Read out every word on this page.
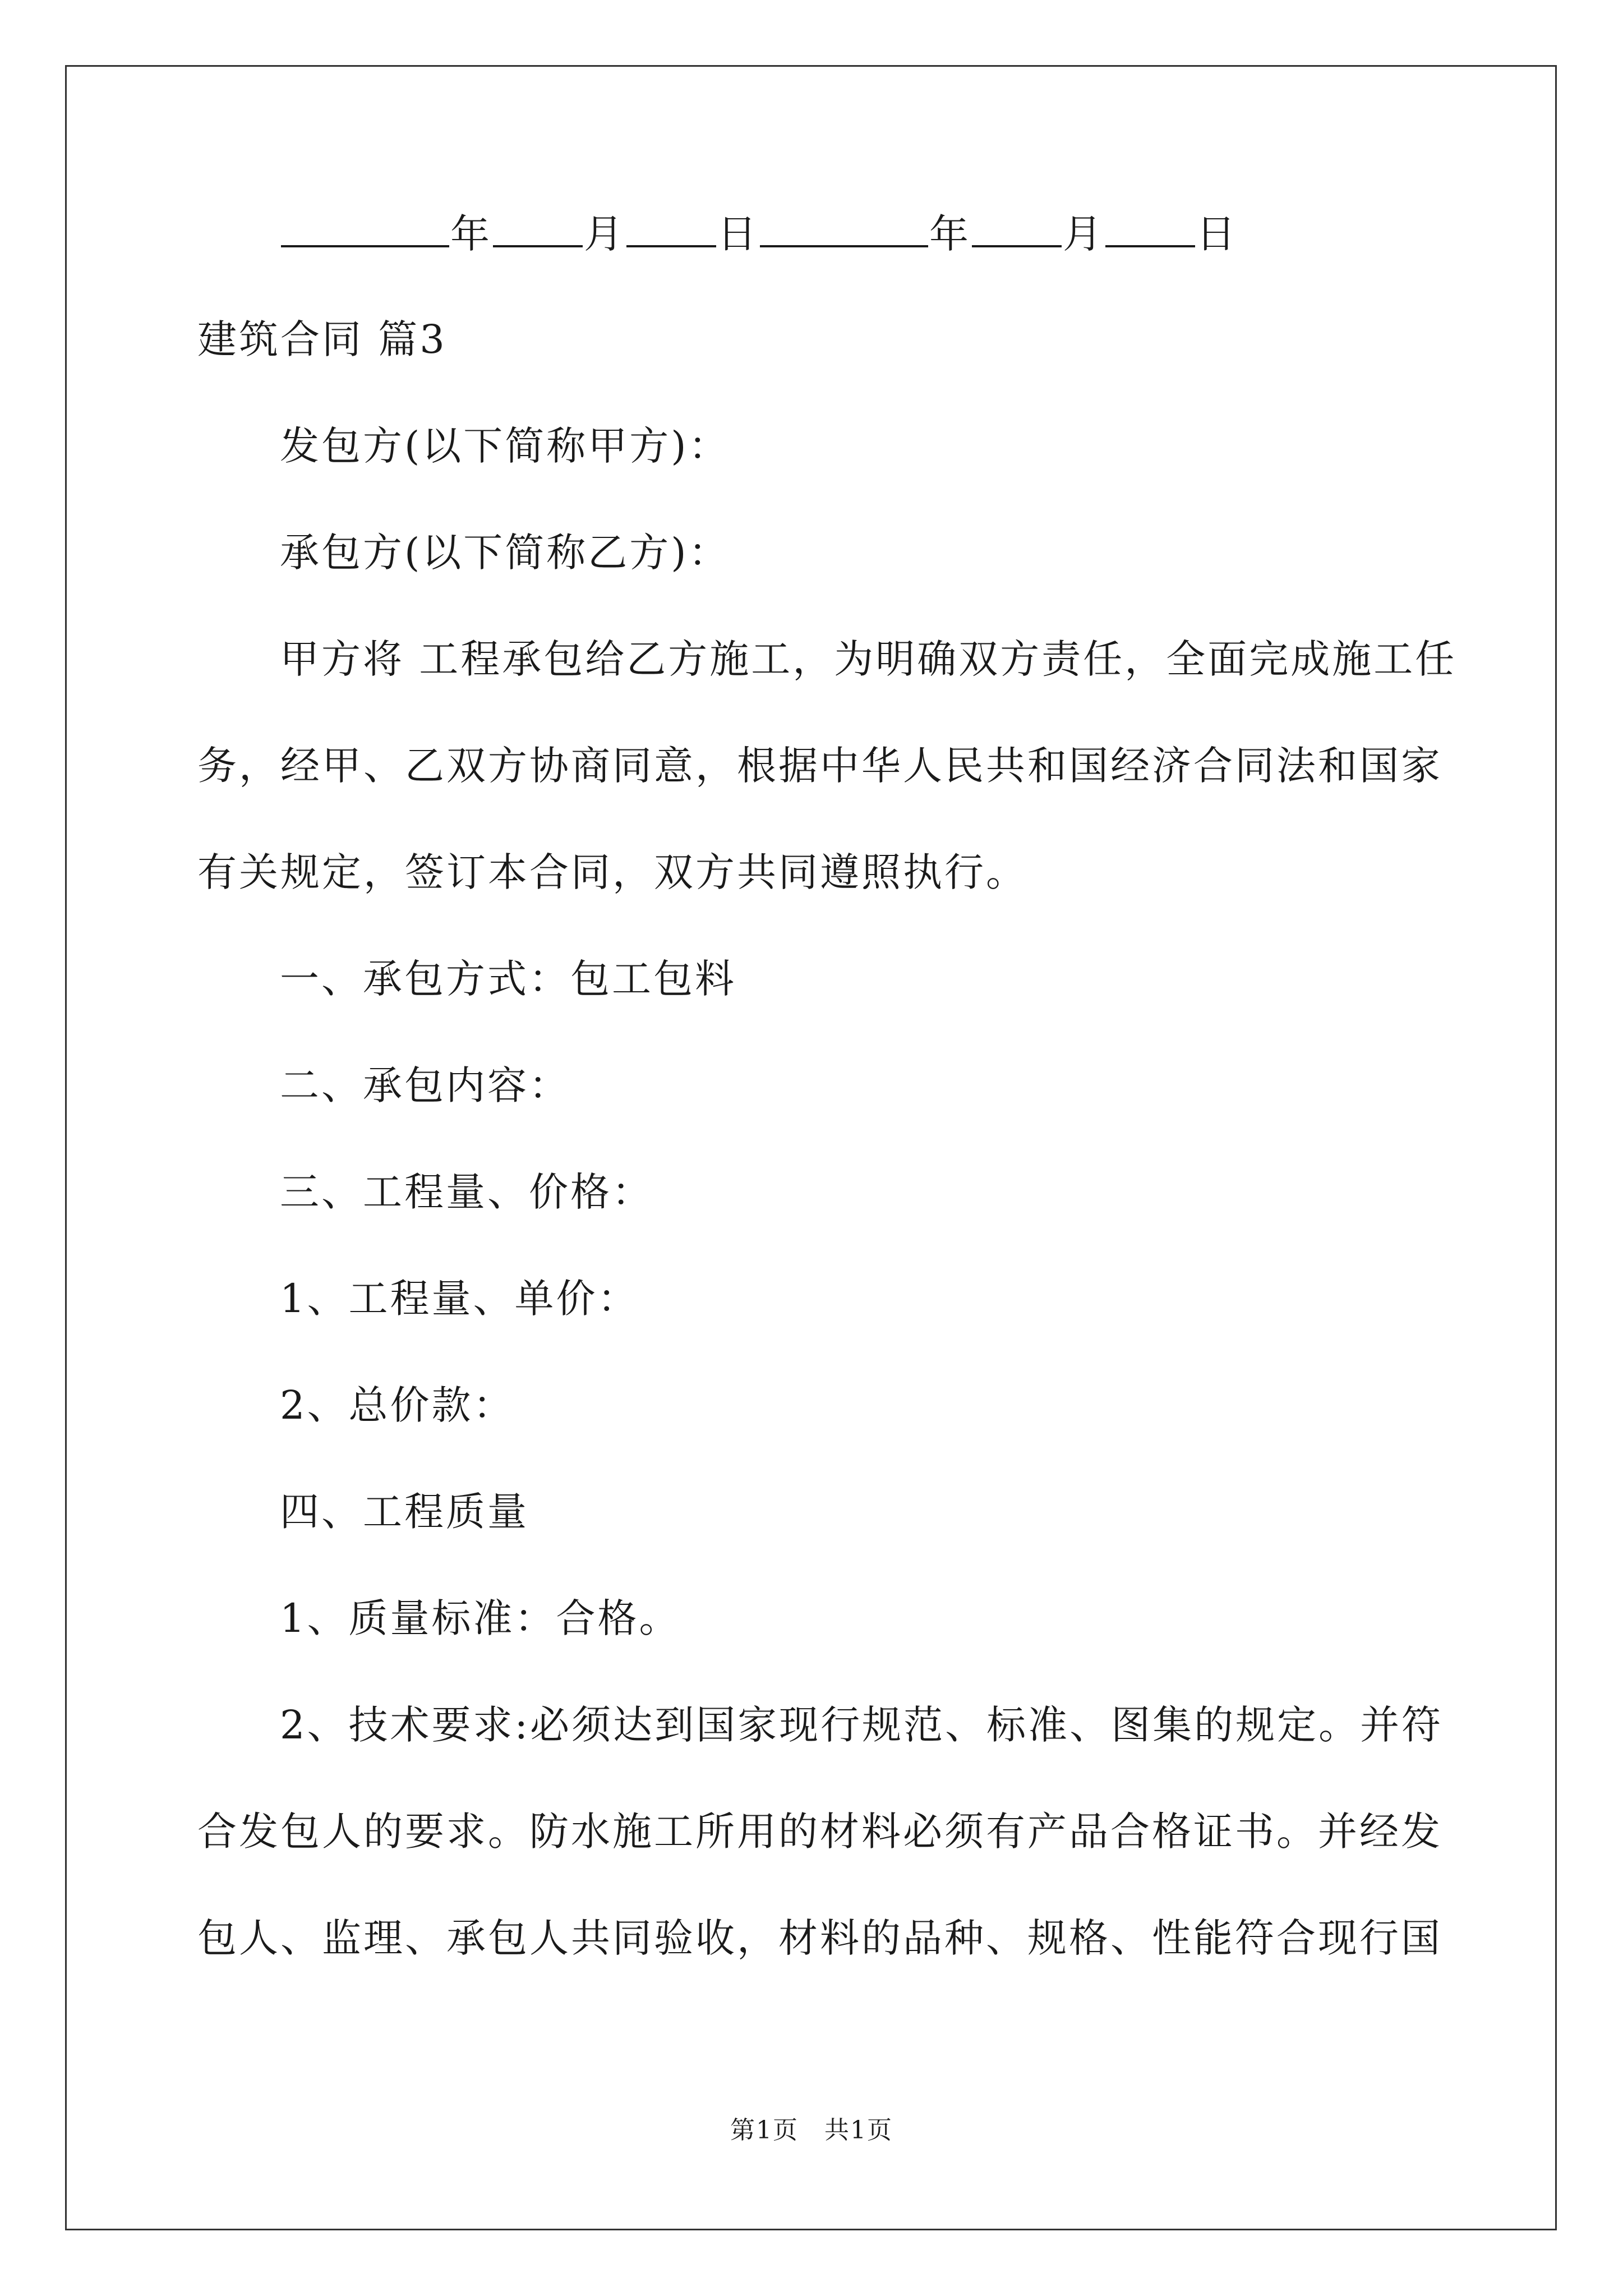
年 月 日	年 月 日
建筑合同 篇3
发包方(以下简称甲方)：
承包方(以下简称乙方)：
甲方将 工程承包给乙方施工，为明确双方责任，全面完成施工任
务，经甲、乙双方协商同意，根据中华人民共和国经济合同法和国家
有关规定，签订本合同，双方共同遵照执行。
一、承包方式：包工包料
二、承包内容：
三、工程量、价格：
1、工程量、单价：
2、总价款：
四、工程质量
1、质量标准：合格。
2、技术要求:必须达到国家现行规范、标准、图集的规定。并符
合发包人的要求。防水施工所用的材料必须有产品合格证书。并经发
包人、监理、承包人共同验收，材料的品种、规格、性能符合现行国
第1页　共1页
